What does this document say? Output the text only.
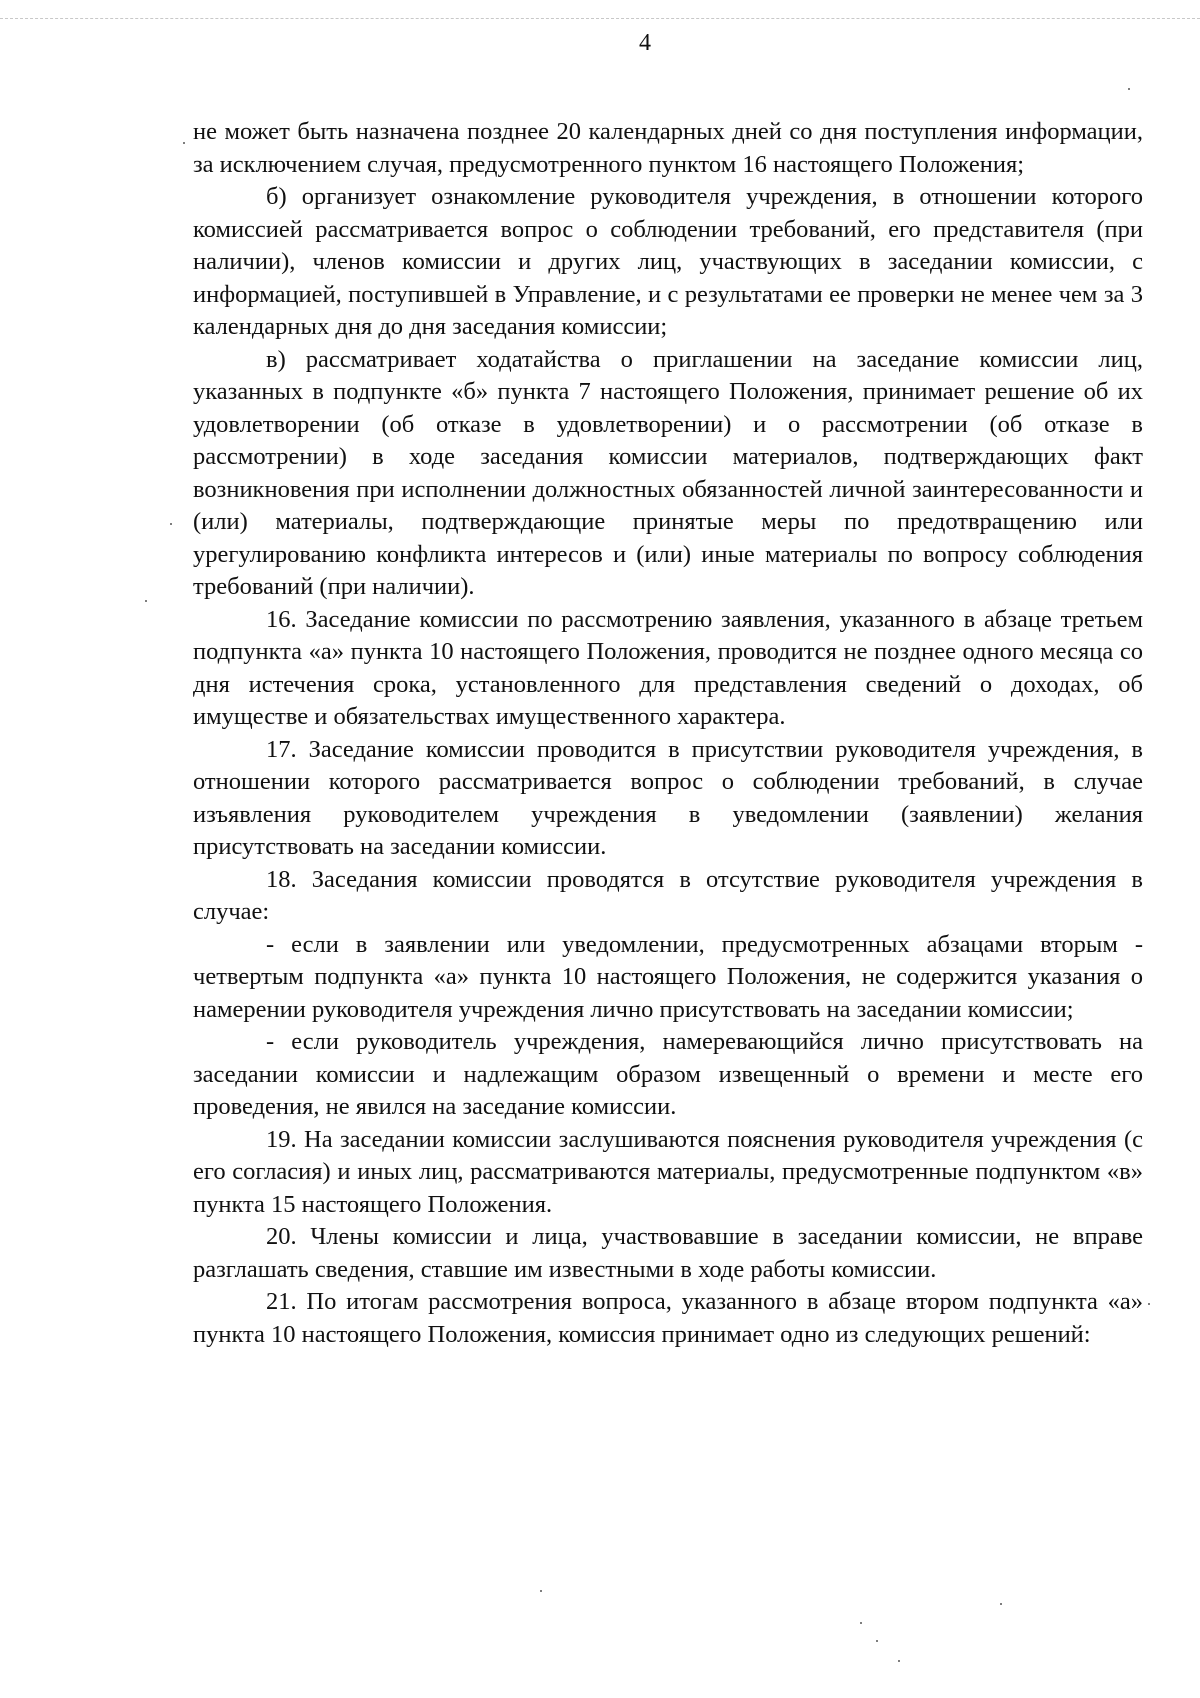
4

не может быть назначена позднее 20 календарных дней со дня поступления информации, за исключением случая, предусмотренного пунктом 16 настоящего Положения;

б) организует ознакомление руководителя учреждения, в отношении которого комиссией рассматривается вопрос о соблюдении требований, его представителя (при наличии), членов комиссии и других лиц, участвующих в заседании комиссии, с информацией, поступившей в Управление, и с результатами ее проверки не менее чем за 3 календарных дня до дня заседания комиссии;

в) рассматривает ходатайства о приглашении на заседание комиссии лиц, указанных в подпункте «б» пункта 7 настоящего Положения, принимает решение об их удовлетворении (об отказе в удовлетворении) и о рассмотрении (об отказе в рассмотрении) в ходе заседания комиссии материалов, подтверждающих факт возникновения при исполнении должностных обязанностей личной заинтересованности и (или) материалы, подтверждающие принятые меры по предотвращению или урегулированию конфликта интересов и (или) иные материалы по вопросу соблюдения требований (при наличии).

16. Заседание комиссии по рассмотрению заявления, указанного в абзаце третьем подпункта «а» пункта 10 настоящего Положения, проводится не позднее одного месяца со дня истечения срока, установленного для представления сведений о доходах, об имуществе и обязательствах имущественного характера.

17. Заседание комиссии проводится в присутствии руководителя учреждения, в отношении которого рассматривается вопрос о соблюдении требований, в случае изъявления руководителем учреждения в уведомлении (заявлении) желания присутствовать на заседании комиссии.

18. Заседания комиссии проводятся в отсутствие руководителя учреждения в случае:

- если в заявлении или уведомлении, предусмотренных абзацами вторым - четвертым подпункта «а» пункта 10 настоящего Положения, не содержится указания о намерении руководителя учреждения лично присутствовать на заседании комиссии;

- если руководитель учреждения, намеревающийся лично присутствовать на заседании комиссии и надлежащим образом извещенный о времени и месте его проведения, не явился на заседание комиссии.

19. На заседании комиссии заслушиваются пояснения руководителя учреждения (с его согласия) и иных лиц, рассматриваются материалы, предусмотренные подпунктом «в» пункта 15 настоящего Положения.

20. Члены комиссии и лица, участвовавшие в заседании комиссии, не вправе разглашать сведения, ставшие им известными в ходе работы комиссии.

21. По итогам рассмотрения вопроса, указанного в абзаце втором подпункта «а» пункта 10 настоящего Положения, комиссия принимает одно из следующих решений:
